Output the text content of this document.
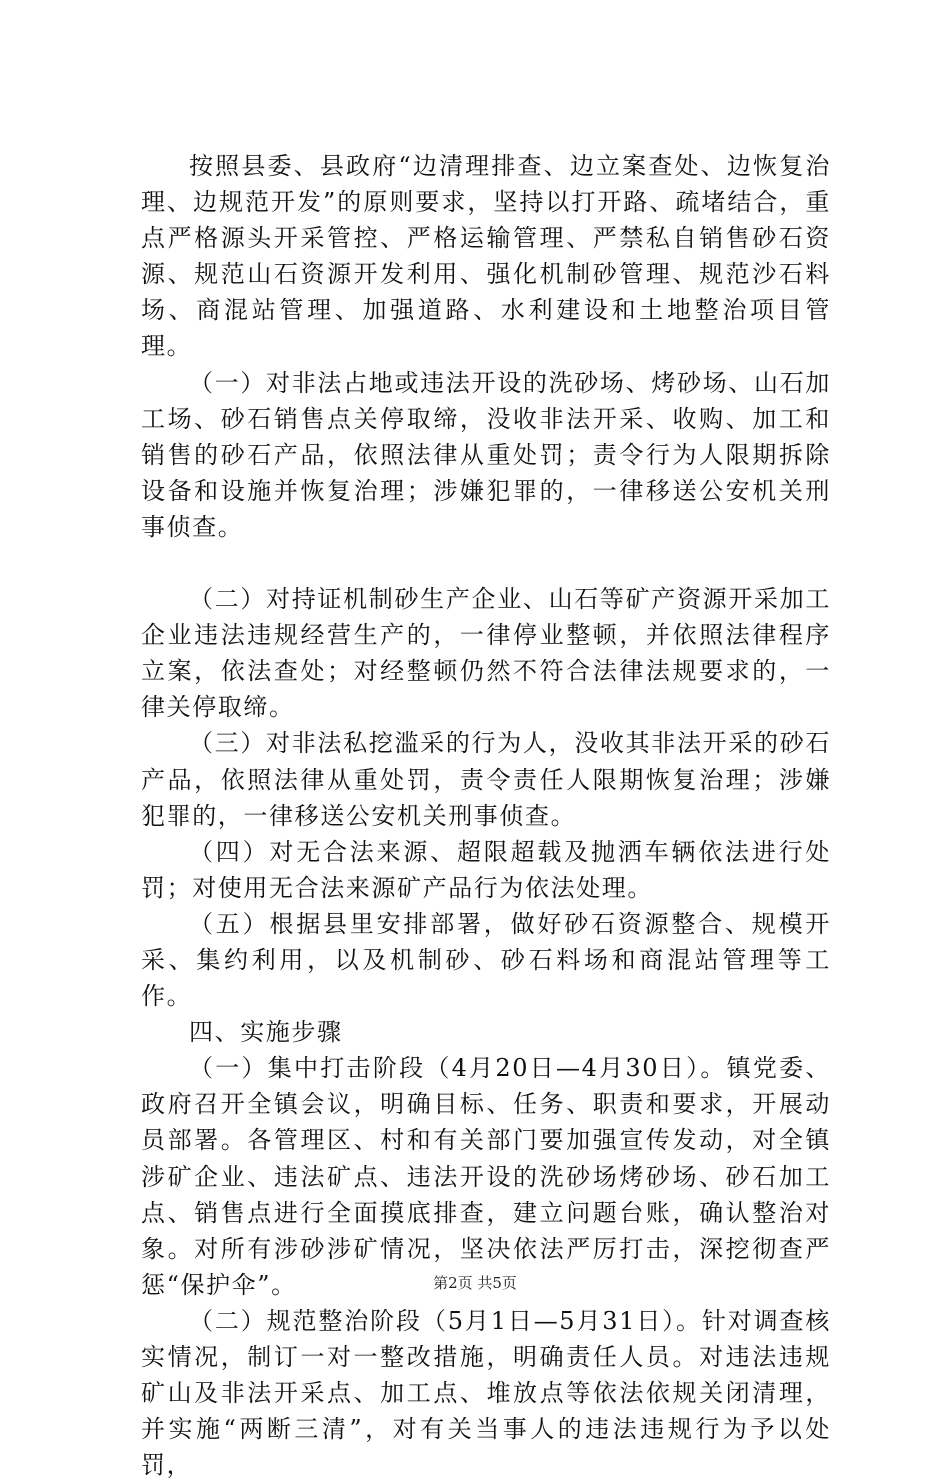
按照县委、县政府“边清理排查、边立案查处、边恢复治理、边规范开发”的原则要求，坚持以打开路、疏堵结合，重点严格源头开采管控、严格运输管理、严禁私自销售砂石资源、规范山石资源开发利用、强化机制砂管理、规范沙石料场、商混站管理、加强道路、水利建设和土地整治项目管理。

（一）对非法占地或违法开设的洗砂场、烤砂场、山石加工场、砂石销售点关停取缔，没收非法开采、收购、加工和销售的砂石产品，依照法律从重处罚；责令行为人限期拆除设备和设施并恢复治理；涉嫌犯罪的，一律移送公安机关刑事侦查。

（二）对持证机制砂生产企业、山石等矿产资源开采加工企业违法违规经营生产的，一律停业整顿，并依照法律程序立案，依法查处；对经整顿仍然不符合法律法规要求的，一律关停取缔。

（三）对非法私挖滥采的行为人，没收其非法开采的砂石产品，依照法律从重处罚，责令责任人限期恢复治理；涉嫌犯罪的，一律移送公安机关刑事侦查。

（四）对无合法来源、超限超载及抛洒车辆依法进行处罚；对使用无合法来源矿产品行为依法处理。

（五）根据县里安排部署，做好砂石资源整合、规模开采、集约利用，以及机制砂、砂石料场和商混站管理等工作。

四、实施步骤

（一）集中打击阶段（4月20日—4月30日）。镇党委、政府召开全镇会议，明确目标、任务、职责和要求，开展动员部署。各管理区、村和有关部门要加强宣传发动，对全镇涉矿企业、违法矿点、违法开设的洗砂场烤砂场、砂石加工点、销售点进行全面摸底排查，建立问题台账，确认整治对象。对所有涉砂涉矿情况，坚决依法严厉打击，深挖彻查严惩“保护伞”。

（二）规范整治阶段（5月1日—5月31日）。针对调查核实情况，制订一对一整改措施，明确责任人员。对违法违规矿山及非法开采点、加工点、堆放点等依法依规关闭清理，并实施“两断三清”，对有关当事人的违法违规行为予以处罚，

第2页 共5页
